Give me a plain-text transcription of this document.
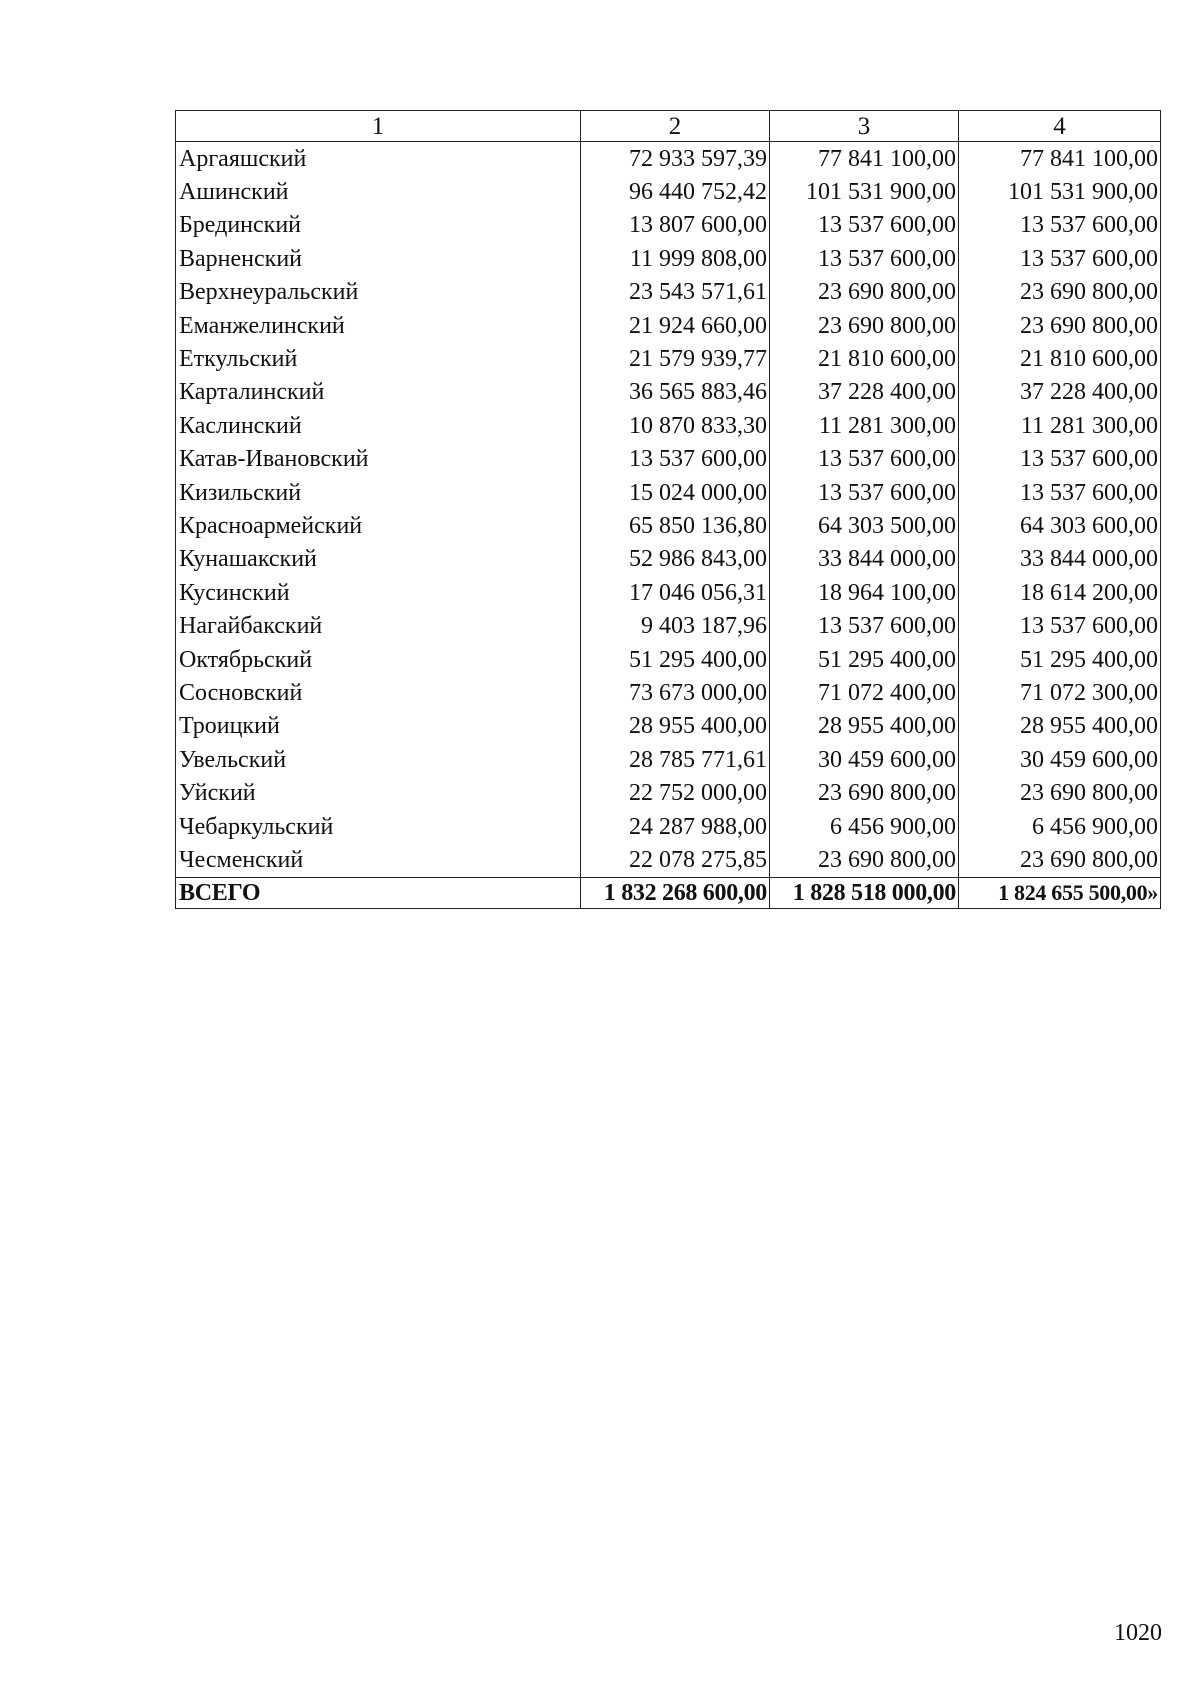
1	2	3	4
Аргаяшский	72 933 597,39	77 841 100,00	77 841 100,00
Ашинский	96 440 752,42	101 531 900,00	101 531 900,00
Брединский	13 807 600,00	13 537 600,00	13 537 600,00
Варненский	11 999 808,00	13 537 600,00	13 537 600,00
Верхнеуральский	23 543 571,61	23 690 800,00	23 690 800,00
Еманжелинский	21 924 660,00	23 690 800,00	23 690 800,00
Еткульский	21 579 939,77	21 810 600,00	21 810 600,00
Карталинский	36 565 883,46	37 228 400,00	37 228 400,00
Каслинский	10 870 833,30	11 281 300,00	11 281 300,00
Катав-Ивановский	13 537 600,00	13 537 600,00	13 537 600,00
Кизильский	15 024 000,00	13 537 600,00	13 537 600,00
Красноармейский	65 850 136,80	64 303 500,00	64 303 600,00
Кунашакский	52 986 843,00	33 844 000,00	33 844 000,00
Кусинский	17 046 056,31	18 964 100,00	18 614 200,00
Нагайбакский	9 403 187,96	13 537 600,00	13 537 600,00
Октябрьский	51 295 400,00	51 295 400,00	51 295 400,00
Сосновский	73 673 000,00	71 072 400,00	71 072 300,00
Троицкий	28 955 400,00	28 955 400,00	28 955 400,00
Увельский	28 785 771,61	30 459 600,00	30 459 600,00
Уйский	22 752 000,00	23 690 800,00	23 690 800,00
Чебаркульский	24 287 988,00	6 456 900,00	6 456 900,00
Чесменский	22 078 275,85	23 690 800,00	23 690 800,00
ВСЕГО	1 832 268 600,00	1 828 518 000,00	1 824 655 500,00»
1020
